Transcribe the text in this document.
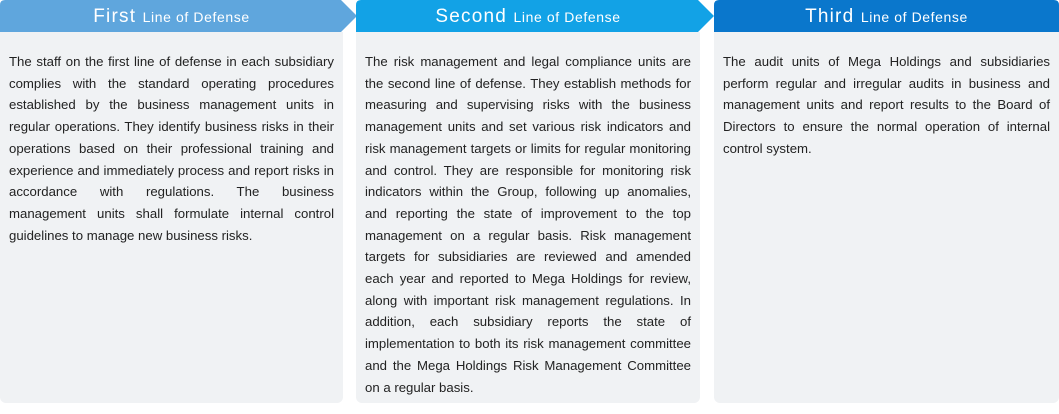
First Line of Defense

The staff on the first line of defense in each subsidiary complies with the standard operating procedures established by the business management units in regular operations. They identify business risks in their operations based on their professional training and experience and immediately process and report risks in accordance with regulations. The business management units shall formulate internal control guidelines to manage new business risks.

Second Line of Defense

The risk management and legal compliance units are the second line of defense. They establish methods for measuring and supervising risks with the business management units and set various risk indicators and risk management targets or limits for regular monitoring and control. They are responsible for monitoring risk indicators within the Group, following up anomalies, and reporting the state of improvement to the top management on a regular basis. Risk management targets for subsidiaries are reviewed and amended each year and reported to Mega Holdings for review, along with important risk management regulations. In addition, each subsidiary reports the state of implementation to both its risk management committee and the Mega Holdings Risk Management Committee on a regular basis.

Third Line of Defense

The audit units of Mega Holdings and subsidiaries perform regular and irregular audits in business and management units and report results to the Board of Directors to ensure the normal operation of internal control system.
